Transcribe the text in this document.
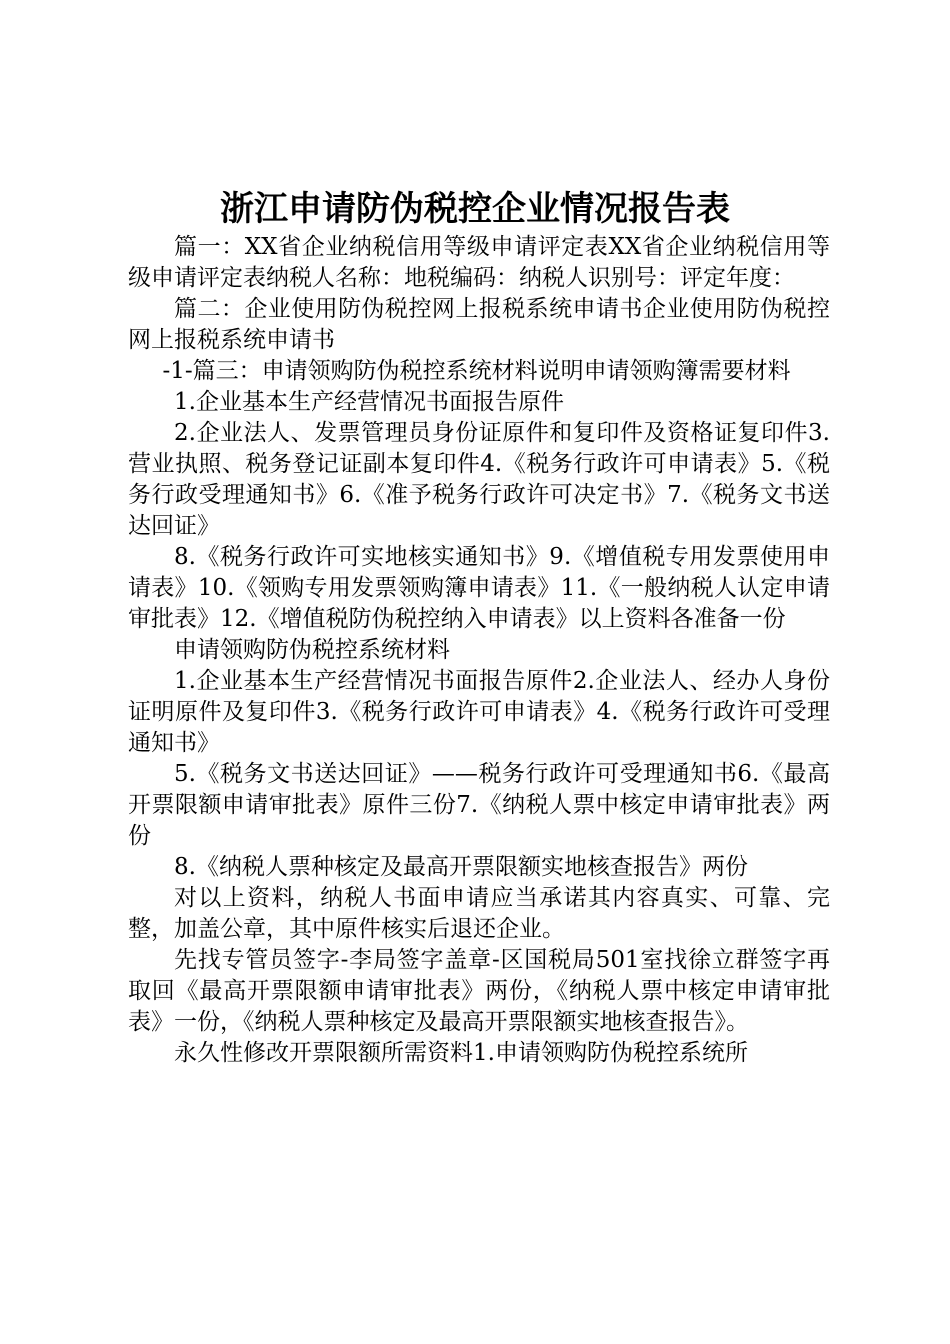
浙江申请防伪税控企业情况报告表

篇一：XX省企业纳税信用等级申请评定表XX省企业纳税信用等级申请评定表纳税人名称：地税编码：纳税人识别号：评定年度：

篇二：企业使用防伪税控网上报税系统申请书企业使用防伪税控网上报税系统申请书

-1-篇三：申请领购防伪税控系统材料说明申请领购簿需要材料

1.企业基本生产经营情况书面报告原件

2.企业法人、发票管理员身份证原件和复印件及资格证复印件3.营业执照、税务登记证副本复印件4.《税务行政许可申请表》5.《税务行政受理通知书》6.《准予税务行政许可决定书》7.《税务文书送达回证》

8.《税务行政许可实地核实通知书》9.《增值税专用发票使用申请表》10.《领购专用发票领购簿申请表》11.《一般纳税人认定申请审批表》12.《增值税防伪税控纳入申请表》以上资料各准备一份

申请领购防伪税控系统材料

1.企业基本生产经营情况书面报告原件2.企业法人、经办人身份证明原件及复印件3.《税务行政许可申请表》4.《税务行政许可受理通知书》

5.《税务文书送达回证》——税务行政许可受理通知书6.《最高开票限额申请审批表》原件三份7.《纳税人票中核定申请审批表》两份

8.《纳税人票种核定及最高开票限额实地核查报告》两份

对以上资料，纳税人书面申请应当承诺其内容真实、可靠、完整，加盖公章，其中原件核实后退还企业。

先找专管员签字-李局签字盖章-区国税局501室找徐立群签字再取回《最高开票限额申请审批表》两份，《纳税人票中核定申请审批表》一份，《纳税人票种核定及最高开票限额实地核查报告》。

永久性修改开票限额所需资料1.申请领购防伪税控系统所
